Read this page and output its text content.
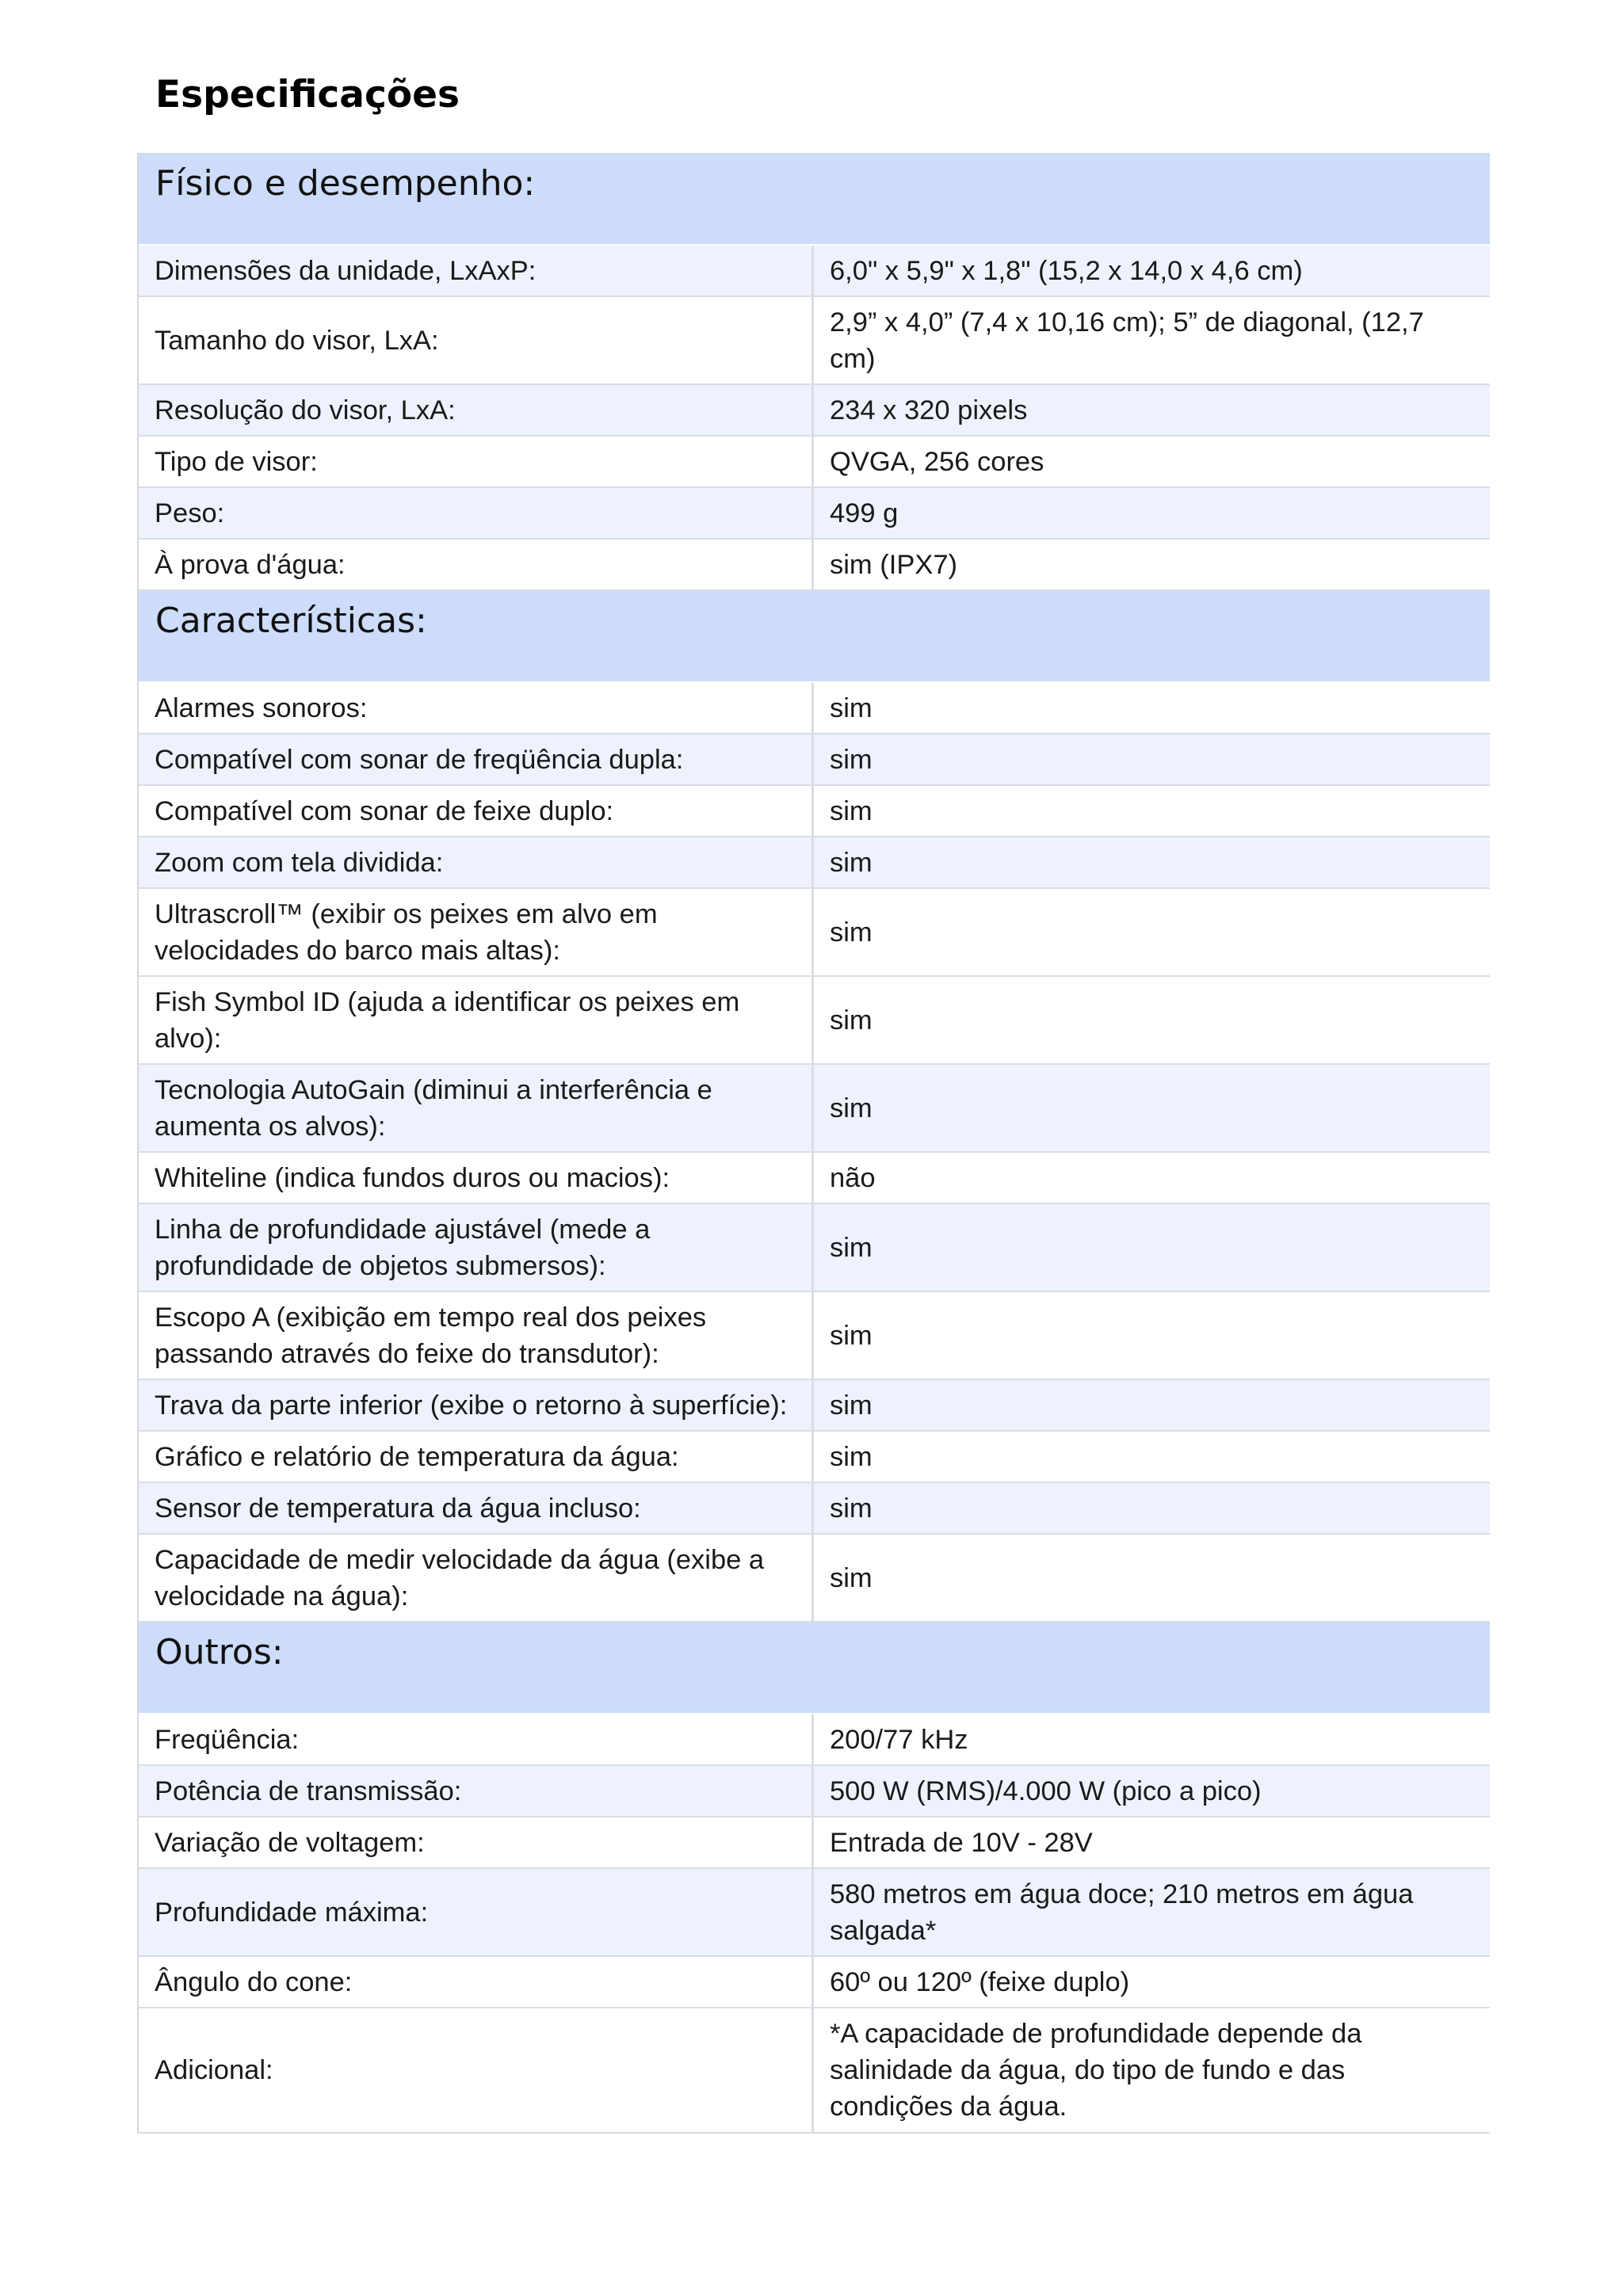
Especificações
Físico e desempenho:
Dimensões da unidade, LxAxP:	6,0" x 5,9" x 1,8" (15,2 x 14,0 x 4,6 cm)
Tamanho do visor, LxA:
2,9” x 4,0” (7,4 x 10,16 cm); 5” de diagonal, (12,7 cm)
Resolução do visor, LxA:	234 x 320 pixels
Tipo de visor:	QVGA, 256 cores
Peso:	499 g
À prova d'água:	sim (IPX7)
Características:
Alarmes sonoros:	sim
Compatível com sonar de freqüência dupla:	sim
Compatível com sonar de feixe duplo:	sim
Zoom com tela dividida:	sim
Ultrascroll™ (exibir os peixes em alvo em velocidades do barco mais altas):
sim
Fish Symbol ID (ajuda a identificar os peixes em alvo):
sim
Tecnologia AutoGain (diminui a interferência e aumenta os alvos):
sim
Whiteline (indica fundos duros ou macios):	não
Linha de profundidade ajustável (mede a profundidade de objetos submersos):
sim
Escopo A (exibição em tempo real dos peixes passando através do feixe do transdutor):
sim
Trava da parte inferior (exibe o retorno à superfície):	sim
Gráfico e relatório de temperatura da água:	sim
Sensor de temperatura da água incluso:	sim
Capacidade de medir velocidade da água (exibe a velocidade na água):
sim
Outros:
Freqüência:	200/77 kHz
Potência de transmissão:	500 W (RMS)/4.000 W (pico a pico)
Variação de voltagem:	Entrada de 10V - 28V
Profundidade máxima:
580 metros em água doce; 210 metros em água salgada*
Ângulo do cone:	60º ou 120º (feixe duplo)
Adicional:
*A capacidade de profundidade depende da salinidade da água, do tipo de fundo e das condições da água.
